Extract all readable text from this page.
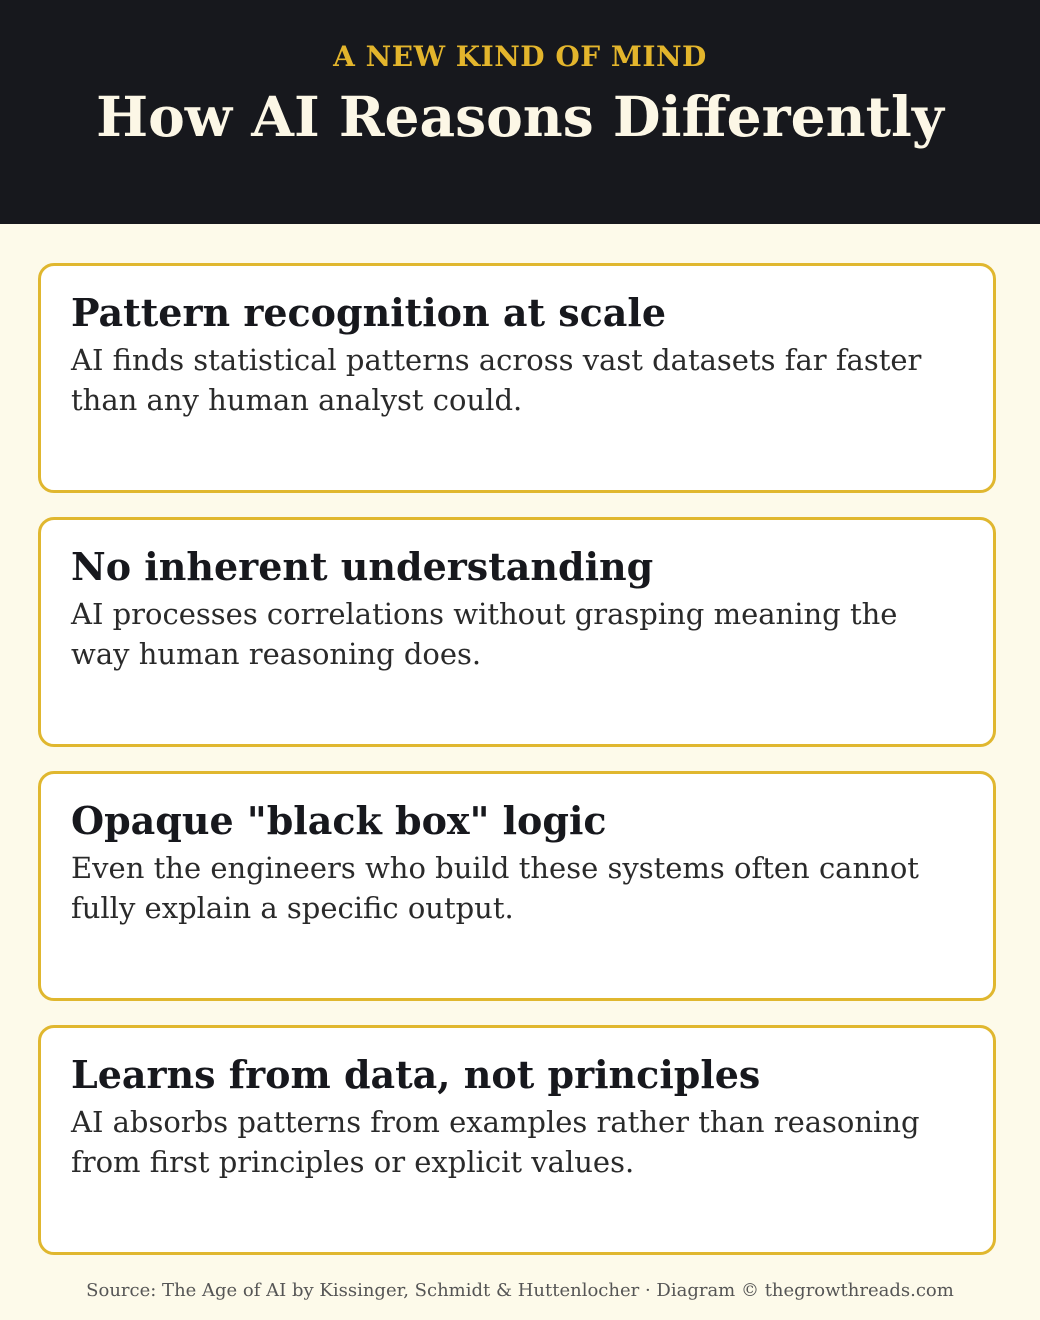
A NEW KIND OF MIND
How AI Reasons Differently
Pattern recognition at scale
AI finds statistical patterns across vast datasets far faster than any human analyst could.
No inherent understanding
AI processes correlations without grasping meaning the way human reasoning does.
Opaque "black box" logic
Even the engineers who build these systems often cannot fully explain a specific output.
Learns from data, not principles
AI absorbs patterns from examples rather than reasoning from first principles or explicit values.
Source: The Age of AI by Kissinger, Schmidt & Huttenlocher · Diagram © thegrowthreads.com
